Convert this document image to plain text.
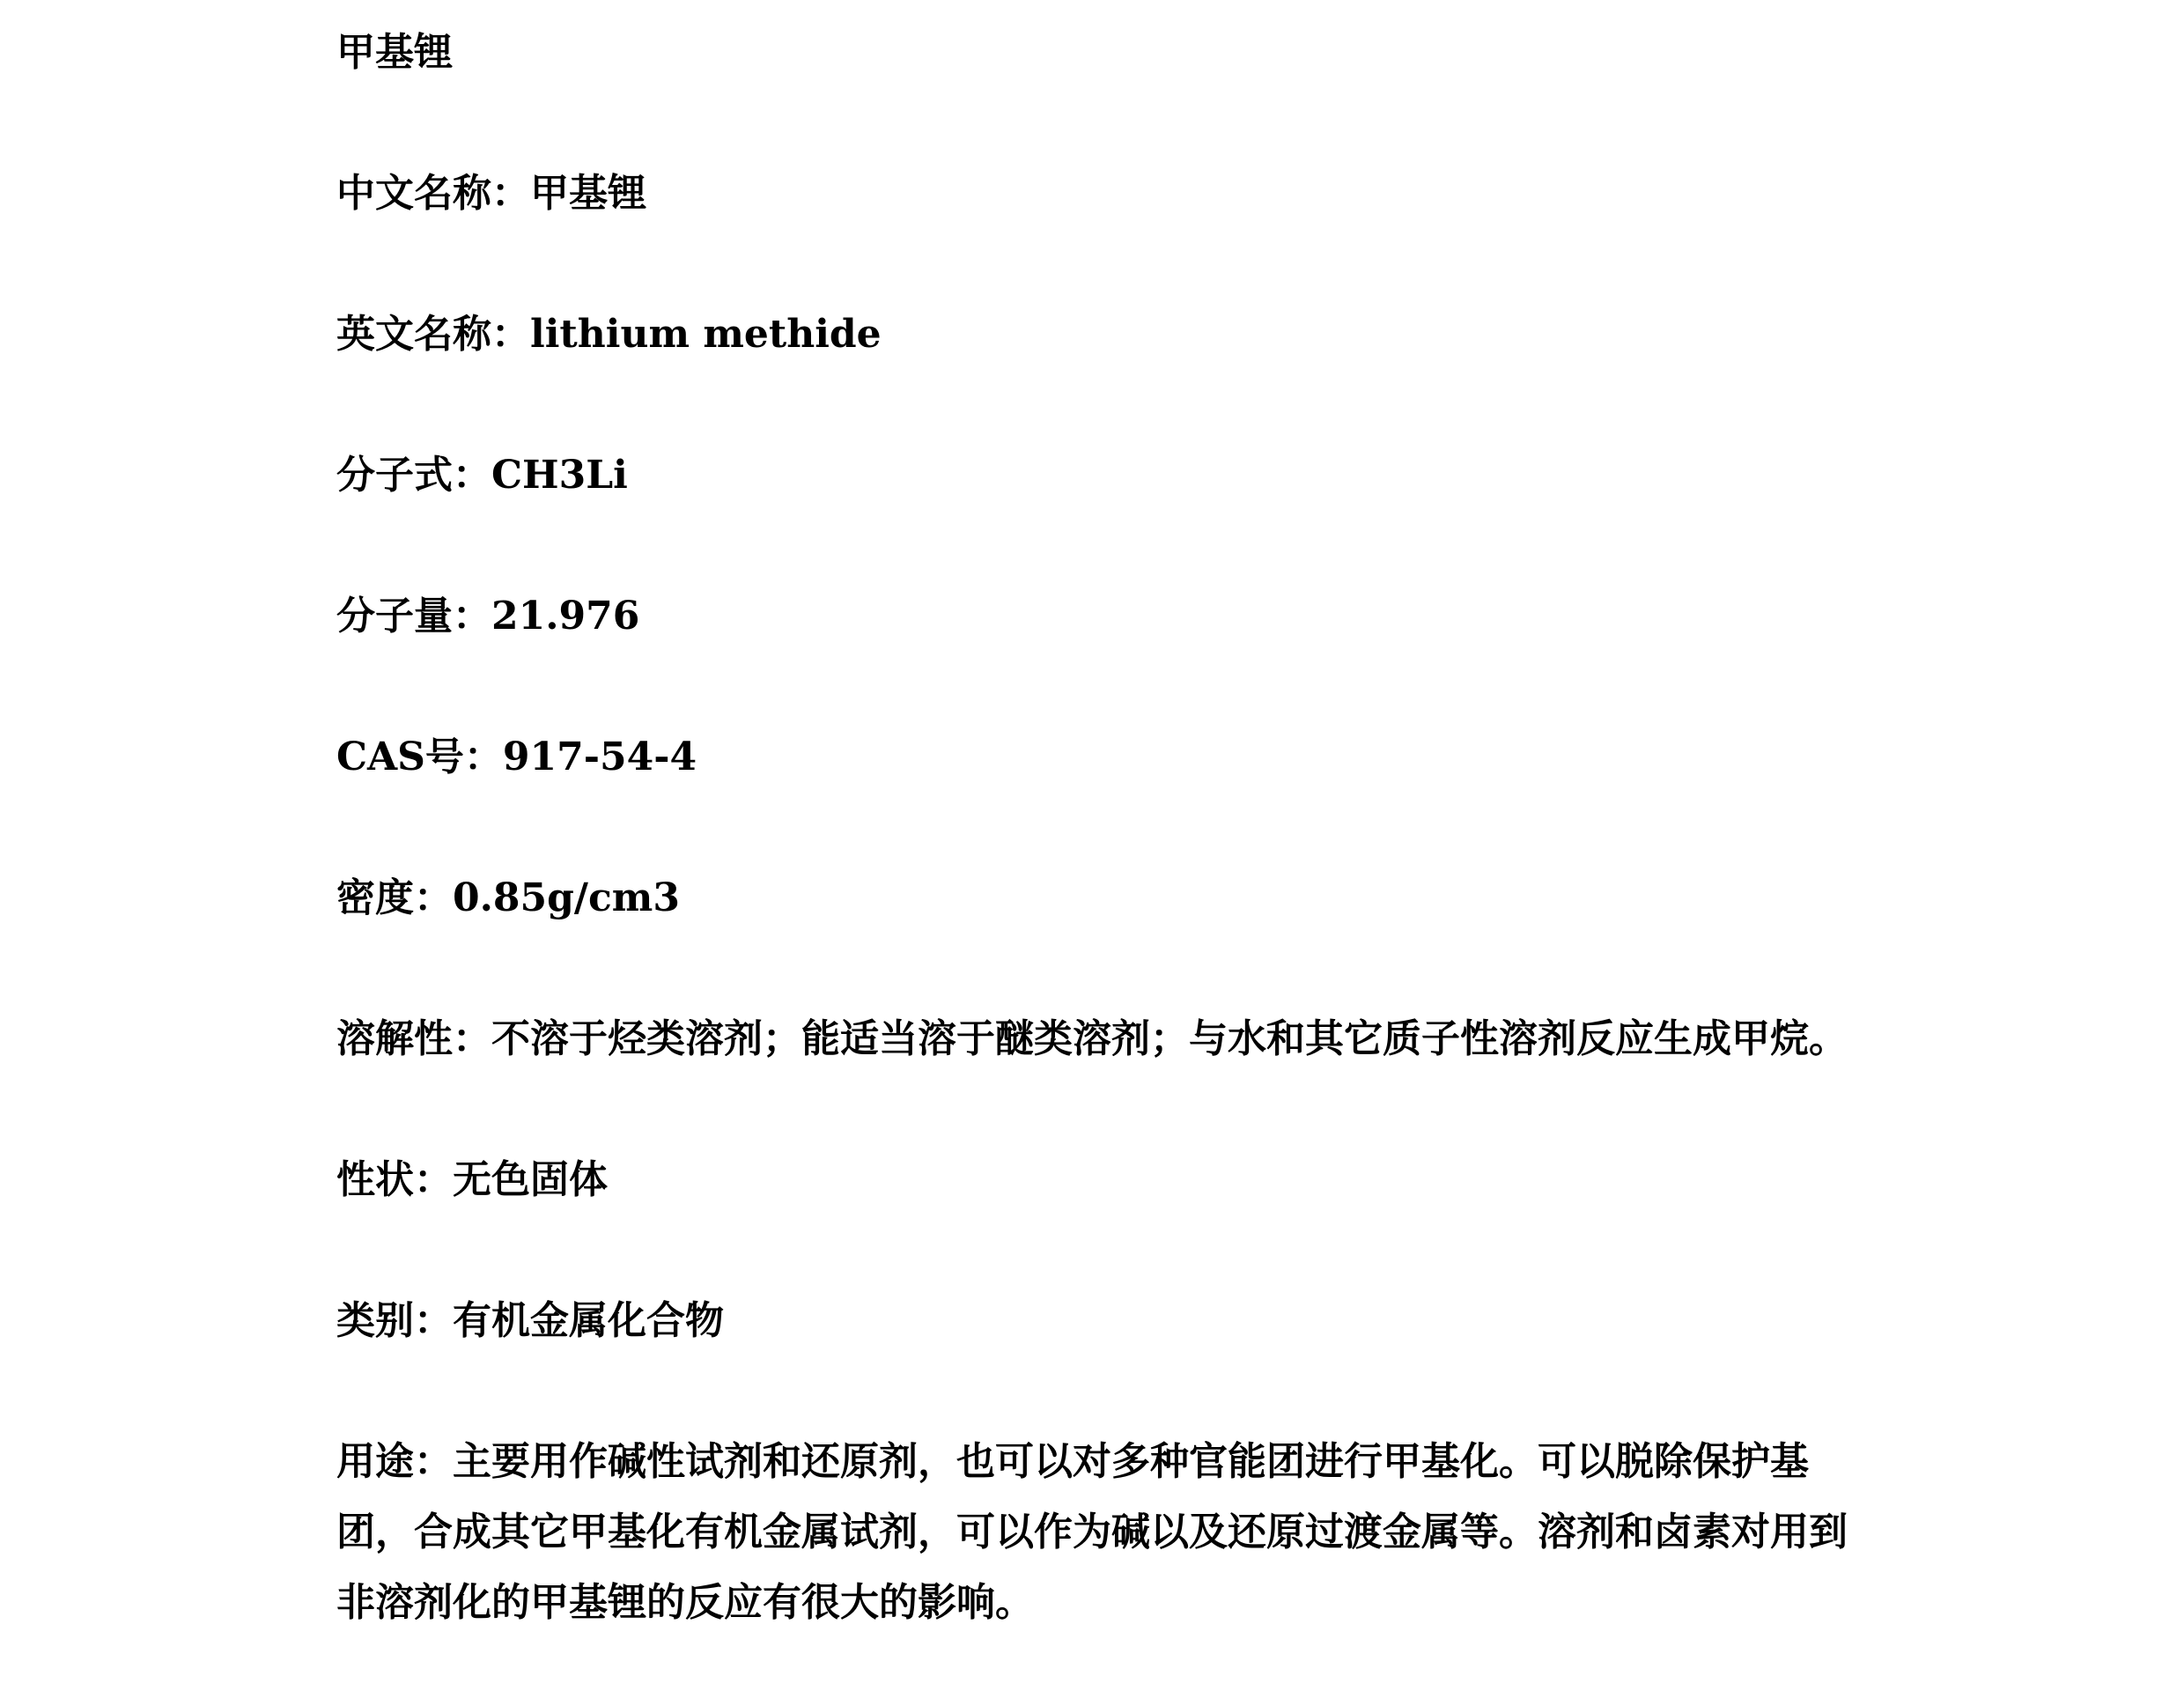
甲基锂

中文名称：甲基锂

英文名称：lithium methide

分子式：CH3Li

分子量：21.976

CAS号：917-54-4

密度：0.85g/cm3

溶解性：不溶于烃类溶剂；能适当溶于醚类溶剂；与水和其它质子性溶剂反应生成甲烷。

性状：无色固体

类别：有机金属化合物

用途：主要用作碱性试剂和还原剂，也可以对多种官能团进行甲基化。可以脱除保护基团，合成其它甲基化有机金属试剂，可以作为碱以及还原过渡金属等。溶剂和卤素对用到非溶剂化的甲基锂的反应有很大的影响。
